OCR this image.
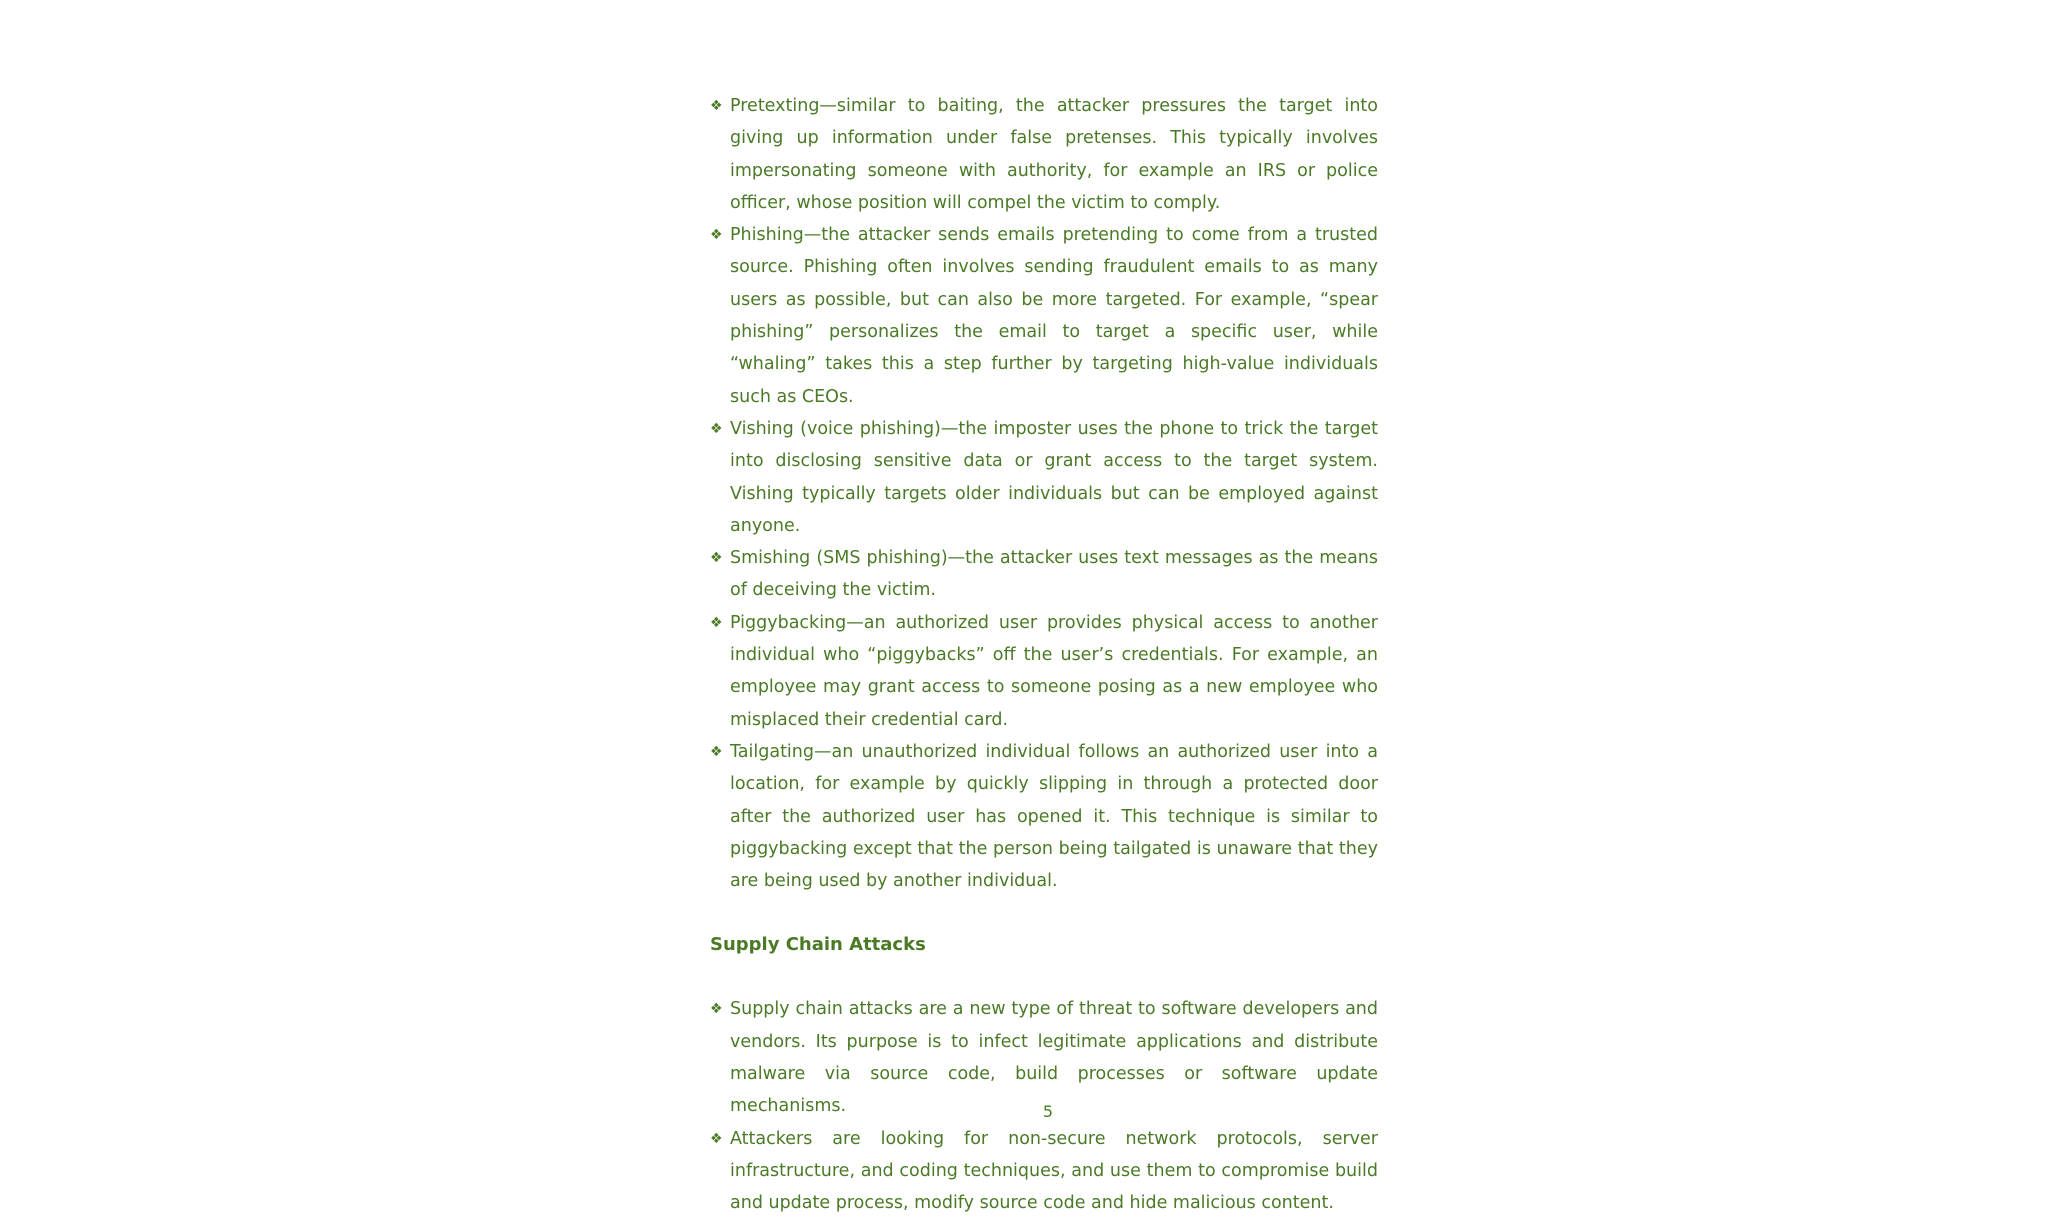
❖ Pretexting—similar to baiting, the attacker pressures the target into giving up information under false pretenses. This typically involves impersonating someone with authority, for example an IRS or police officer, whose position will compel the victim to comply.
❖ Phishing—the attacker sends emails pretending to come from a trusted source. Phishing often involves sending fraudulent emails to as many users as possible, but can also be more targeted. For example, “spear phishing” personalizes the email to target a specific user, while “whaling” takes this a step further by targeting high-value individuals such as CEOs.
❖ Vishing (voice phishing)—the imposter uses the phone to trick the target into disclosing sensitive data or grant access to the target system. Vishing typically targets older individuals but can be employed against anyone.
❖ Smishing (SMS phishing)—the attacker uses text messages as the means of deceiving the victim.
❖ Piggybacking—an authorized user provides physical access to another individual who “piggybacks” off the user’s credentials. For example, an employee may grant access to someone posing as a new employee who misplaced their credential card.
❖ Tailgating—an unauthorized individual follows an authorized user into a location, for example by quickly slipping in through a protected door after the authorized user has opened it. This technique is similar to piggybacking except that the person being tailgated is unaware that they are being used by another individual.
Supply Chain Attacks
❖ Supply chain attacks are a new type of threat to software developers and vendors. Its purpose is to infect legitimate applications and distribute malware via source code, build processes or software update mechanisms.
❖ Attackers are looking for non-secure network protocols, server infrastructure, and coding techniques, and use them to compromise build and update process, modify source code and hide malicious content.
5
